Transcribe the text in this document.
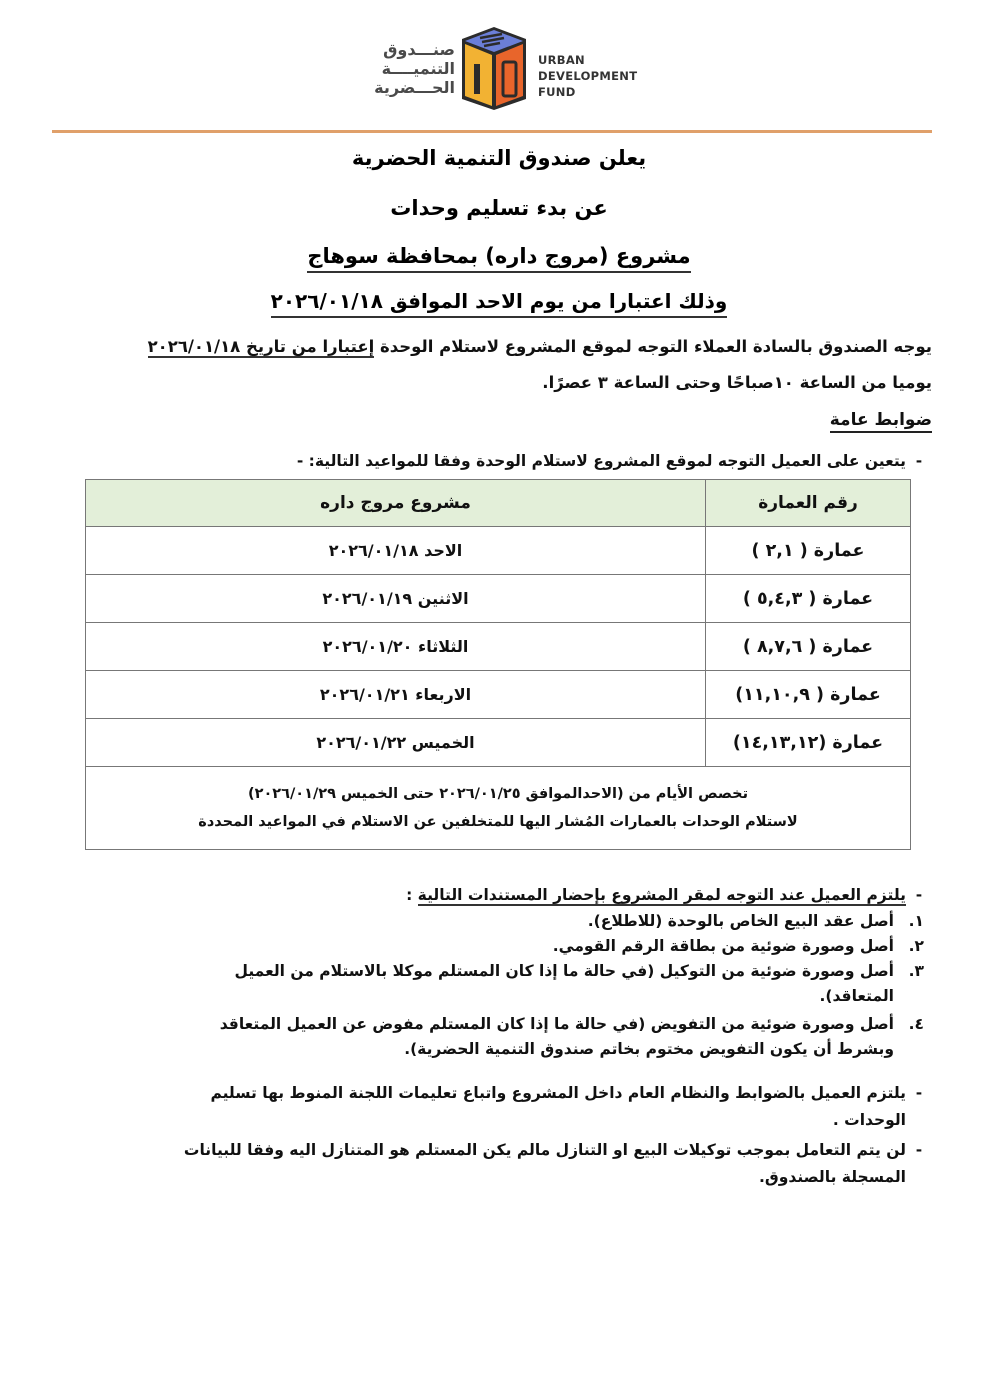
صنـــدوق
التنميــــة
الحـــضرية
URBAN
DEVELOPMENT
FUND
يعلن صندوق التنمية الحضرية
عن بدء تسليم وحدات
مشروع (مروج داره) بمحافظة سوهاج
وذلك اعتبارا من يوم الاحد الموافق ٢٠٢٦/٠١/١٨
يوجه الصندوق بالسادة العملاء التوجه لموقع المشروع لاستلام الوحدة إعتبارا من تاريخ ٢٠٢٦/٠١/١٨
يوميا من الساعة ١٠صباحًا وحتى الساعة ٣ عصرًا.
ضوابط عامة
-يتعين على العميل التوجه لموقع المشروع لاستلام الوحدة وفقا للمواعيد التالية: -
رقم العمارة	مشروع مروج داره
عمارة ( ٢,١ )	الاحد ٢٠٢٦/٠١/١٨
عمارة ( ٥,٤,٣ )	الاثنين ٢٠٢٦/٠١/١٩
عمارة ( ٨,٧,٦ )	الثلاثاء ٢٠٢٦/٠١/٢٠
عمارة ( ١١,١٠,٩)	الاربعاء ٢٠٢٦/٠١/٢١
عمارة (١٤,١٣,١٢)	الخميس ٢٠٢٦/٠١/٢٢

تخصص الأيام من (الاحدالموافق ٢٠٢٦/٠١/٢٥ حتى الخميس ٢٠٢٦/٠١/٢٩)
لاستلام الوحدات بالعمارات المُشار اليها للمتخلفين عن الاستلام في المواعيد المحددة	
-يلتزم العميل عند التوجه لمقر المشروع بإحضار المستندات التالية :
١.
أصل عقد البيع الخاص بالوحدة (للاطلاع).
٢.
أصل وصورة ضوئية من بطاقة الرقم القومي.
٣.
أصل وصورة ضوئية من التوكيل (في حالة ما إذا كان المستلم موكلا بالاستلام من العميل
المتعاقد).
٤.
أصل وصورة ضوئية من التفويض (في حالة ما إذا كان المستلم مفوض عن العميل المتعاقد
وبشرط أن يكون التفويض مختوم بخاتم صندوق التنمية الحضرية).
-يلتزم العميل بالضوابط والنظام العام داخل المشروع واتباع تعليمات اللجنة المنوط بها تسليم
الوحدات .
-لن يتم التعامل بموجب توكيلات البيع او التنازل مالم يكن المستلم هو المتنازل اليه وفقا للبيانات
المسجلة بالصندوق.
